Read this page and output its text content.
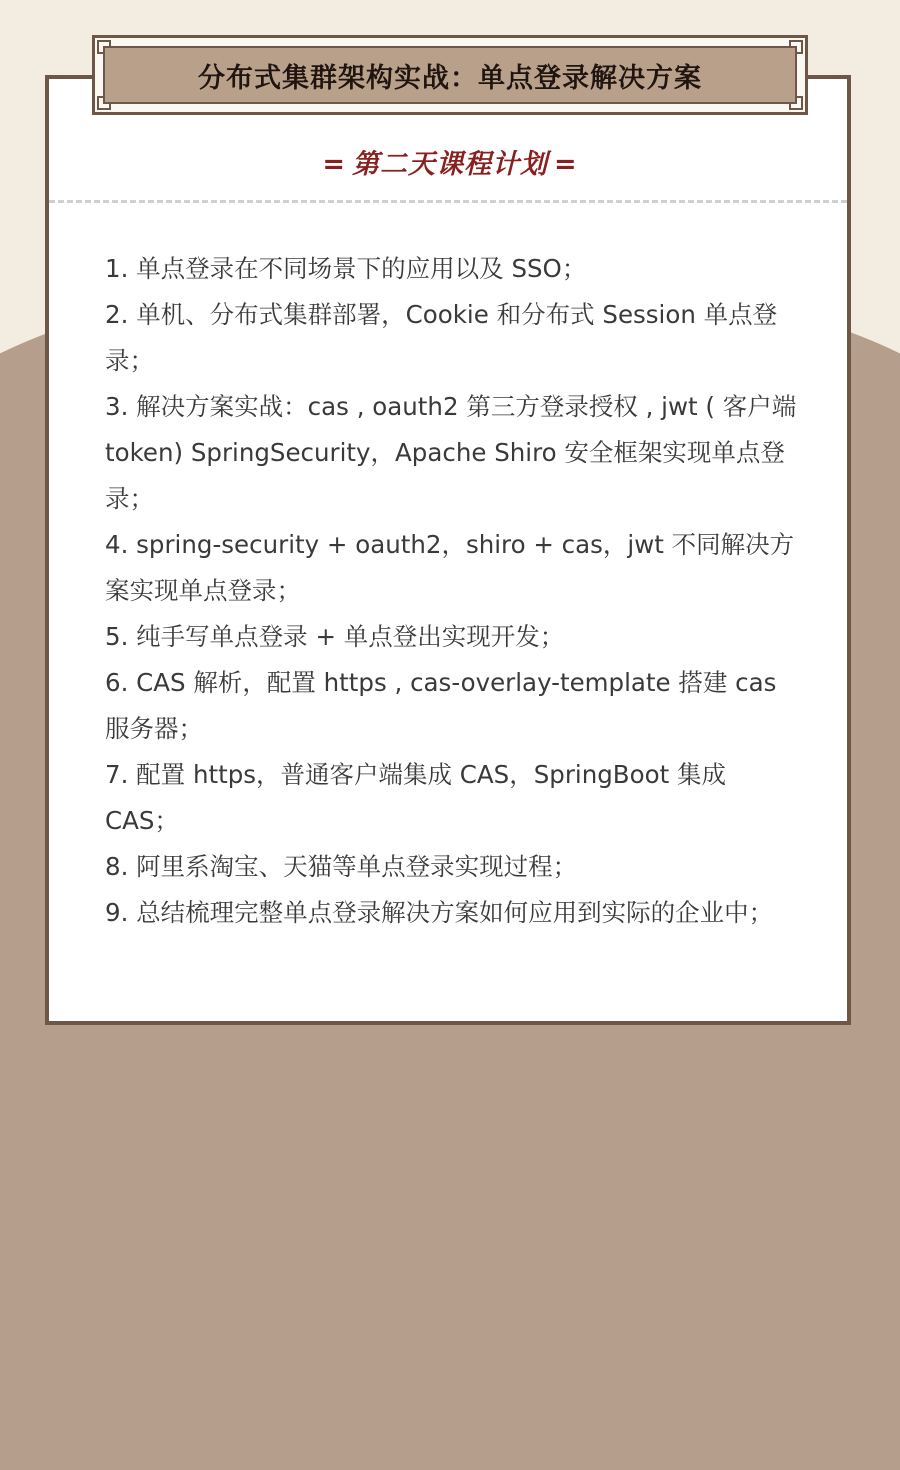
分布式集群架构实战：单点登录解决方案
= 第二天课程计划 =
1. 单点登录在不同场景下的应用以及 SSO；
2. 单机、分布式集群部署，Cookie 和分布式 Session 单点登录；
3. 解决方案实战：cas , oauth2 第三方登录授权 , jwt ( 客户端 token) SpringSecurity，Apache Shiro 安全框架实现单点登录；
4. spring-security + oauth2，shiro + cas，jwt 不同解决方案实现单点登录；
5. 纯手写单点登录 + 单点登出实现开发；
6. CAS 解析，配置 https , cas-overlay-template 搭建 cas 服务器；
7. 配置 https，普通客户端集成 CAS，SpringBoot 集成 CAS；
8. 阿里系淘宝、天猫等单点登录实现过程；
9. 总结梳理完整单点登录解决方案如何应用到实际的企业中；
